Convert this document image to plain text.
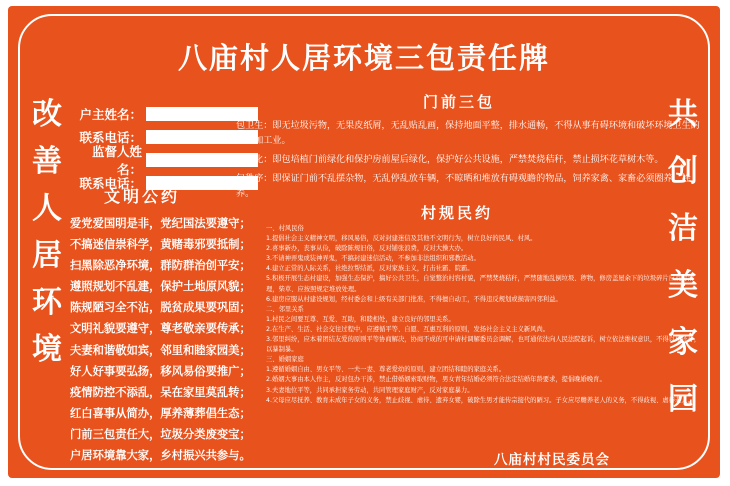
八庙村人居环境三包责任牌
改
善
人
居
环
境
共
创
洁
美
家
园
户主姓名：
联系电话：
监督人姓名：
联系电话：
文明公约
爱党爱国明是非，党纪国法要遵守；
不搞迷信崇科学，黄赌毒邪要抵制；
扫黑除恶净环境，群防群治创平安；
遵照规划不乱建，保护土地原风貌；
陈规陋习全不沾，脱贫成果要巩固；
文明礼貌要遵守，尊老敬亲要传承；
夫妻和谐敬如宾，邻里和睦家园美；
好人好事要弘扬，移风易俗要推广；
疫情防控不添乱，呆在家里莫乱转；
红白喜事从简办，厚养薄葬倡生态；
门前三包责任大，垃圾分类废变宝；
户居环境靠大家，乡村振兴共参与。
门前三包

包卫生：即无垃圾污物，无果皮纸屑，无乱贴乱画，保持地面平整，排水通畅，不得从事有碍环境和破坏环境卫生的生产加工业。

包绿化：即包培植门前绿化和保护房前屋后绿化，保护好公共设施，严禁焚烧秸秆，禁止损坏花草树木等。

包秩序：即保证门前不乱摆杂物，无乱停乱放车辆，不晾晒和堆放有碍观瞻的物品，饲养家禽、家畜必须圈养、栓养。

村规民约
一、村风民俗
1.提倡社会主义精神文明，移风易俗，反对封建迷信及其他不文明行为，树立良好的民风、村风。
2.喜事新办，丧事从俭，破除陈规旧俗，反对铺张浪费，反对大操大办。
3.不请神弄鬼或装神弄鬼，不搞封建迷信活动，不参加非法组织和邪教活动。
4.建立正常的人际关系，社绝拉帮结派，反对家族主义，打击社霸、院霸。
5.积极开展生态村建设，加强生态保护，搞好公共卫生，自觉整治村容村貌，严禁焚烧秸秆，严禁随地乱倒垃圾、秽物，修房盖屋余下的垃圾碎片应及时清理，柴草、应按照规定堆放处理。
6.建房应服从村建设规划，经村委会和上级有关部门批准，不得擅自动工，不得违反规划或损害四邻利益。
二、邻里关系
1.村民之间要互尊、互爱、互助，和睦相处，建立良好的邻里关系。
2.在生产、生活、社会交往过程中，应遵循平等、自愿、互惠互利的原则，发扬社会主义主义新风尚。
3.邻里纠纷，应本着团结友爱的原则平等协商解决，协商不成的可申请村调解委员会调解，也可通依法向人民法院起诉，树立依法维权意识，不得以牙还牙，以暴制暴。
三、婚姻家庭
1.遵循婚姻自由、男女平等、一夫一妻、尊老爱幼的原则，建立团结和睦的家庭关系。
2.婚姻大事由本人作主，反对包办干涉，禁止借婚姻索取财物，男女青年结婚必须符合法定结婚年龄要求，提倡晚婚晚育。
3.夫妻地位平等，共同承担家务劳动，共同管理家庭财产，反对家庭暴力。
4.父母应尽抚养、教育未成年子女的义务，禁止歧视、虐待、遗弃女婴，破除生男才能传宗接代的陋习。子女应尽赡养老人的义务，不得歧视、虐待老人。
八庙村村民委员会
